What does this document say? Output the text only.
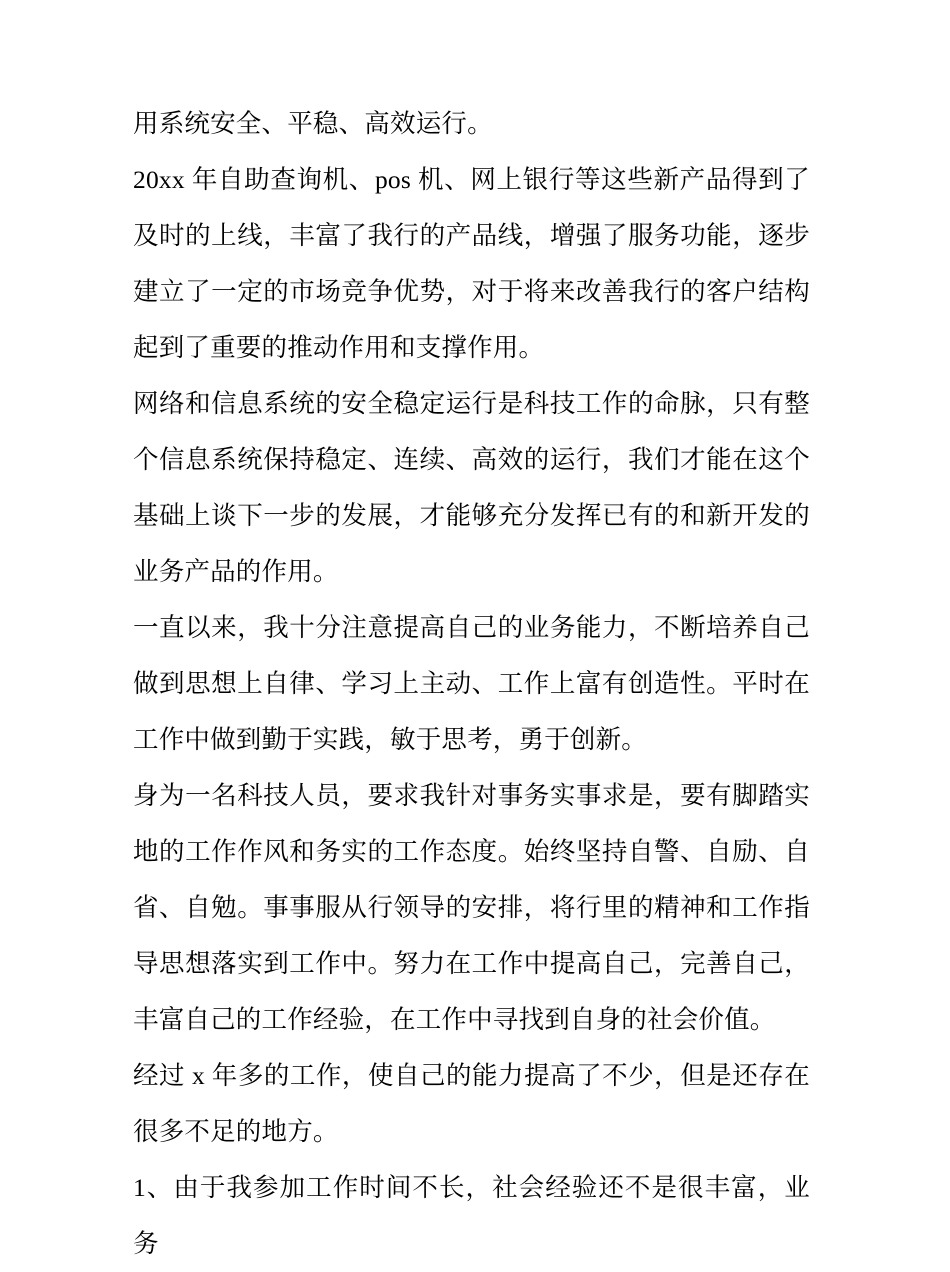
用系统安全、平稳、高效运行。

20xx 年自助查询机、pos 机、网上银行等这些新产品得到了及时的上线，丰富了我行的产品线，增强了服务功能，逐步建立了一定的市场竞争优势，对于将来改善我行的客户结构起到了重要的推动作用和支撑作用。

网络和信息系统的安全稳定运行是科技工作的命脉，只有整个信息系统保持稳定、连续、高效的运行，我们才能在这个基础上谈下一步的发展，才能够充分发挥已有的和新开发的业务产品的作用。

一直以来，我十分注意提高自己的业务能力，不断培养自己做到思想上自律、学习上主动、工作上富有创造性。平时在工作中做到勤于实践，敏于思考，勇于创新。

身为一名科技人员，要求我针对事务实事求是，要有脚踏实地的工作作风和务实的工作态度。始终坚持自警、自励、自省、自勉。事事服从行领导的安排，将行里的精神和工作指导思想落实到工作中。努力在工作中提高自己，完善自己，丰富自己的工作经验，在工作中寻找到自身的社会价值。

经过 x 年多的工作，使自己的能力提高了不少，但是还存在很多不足的地方。

1、由于我参加工作时间不长，社会经验还不是很丰富，业务
